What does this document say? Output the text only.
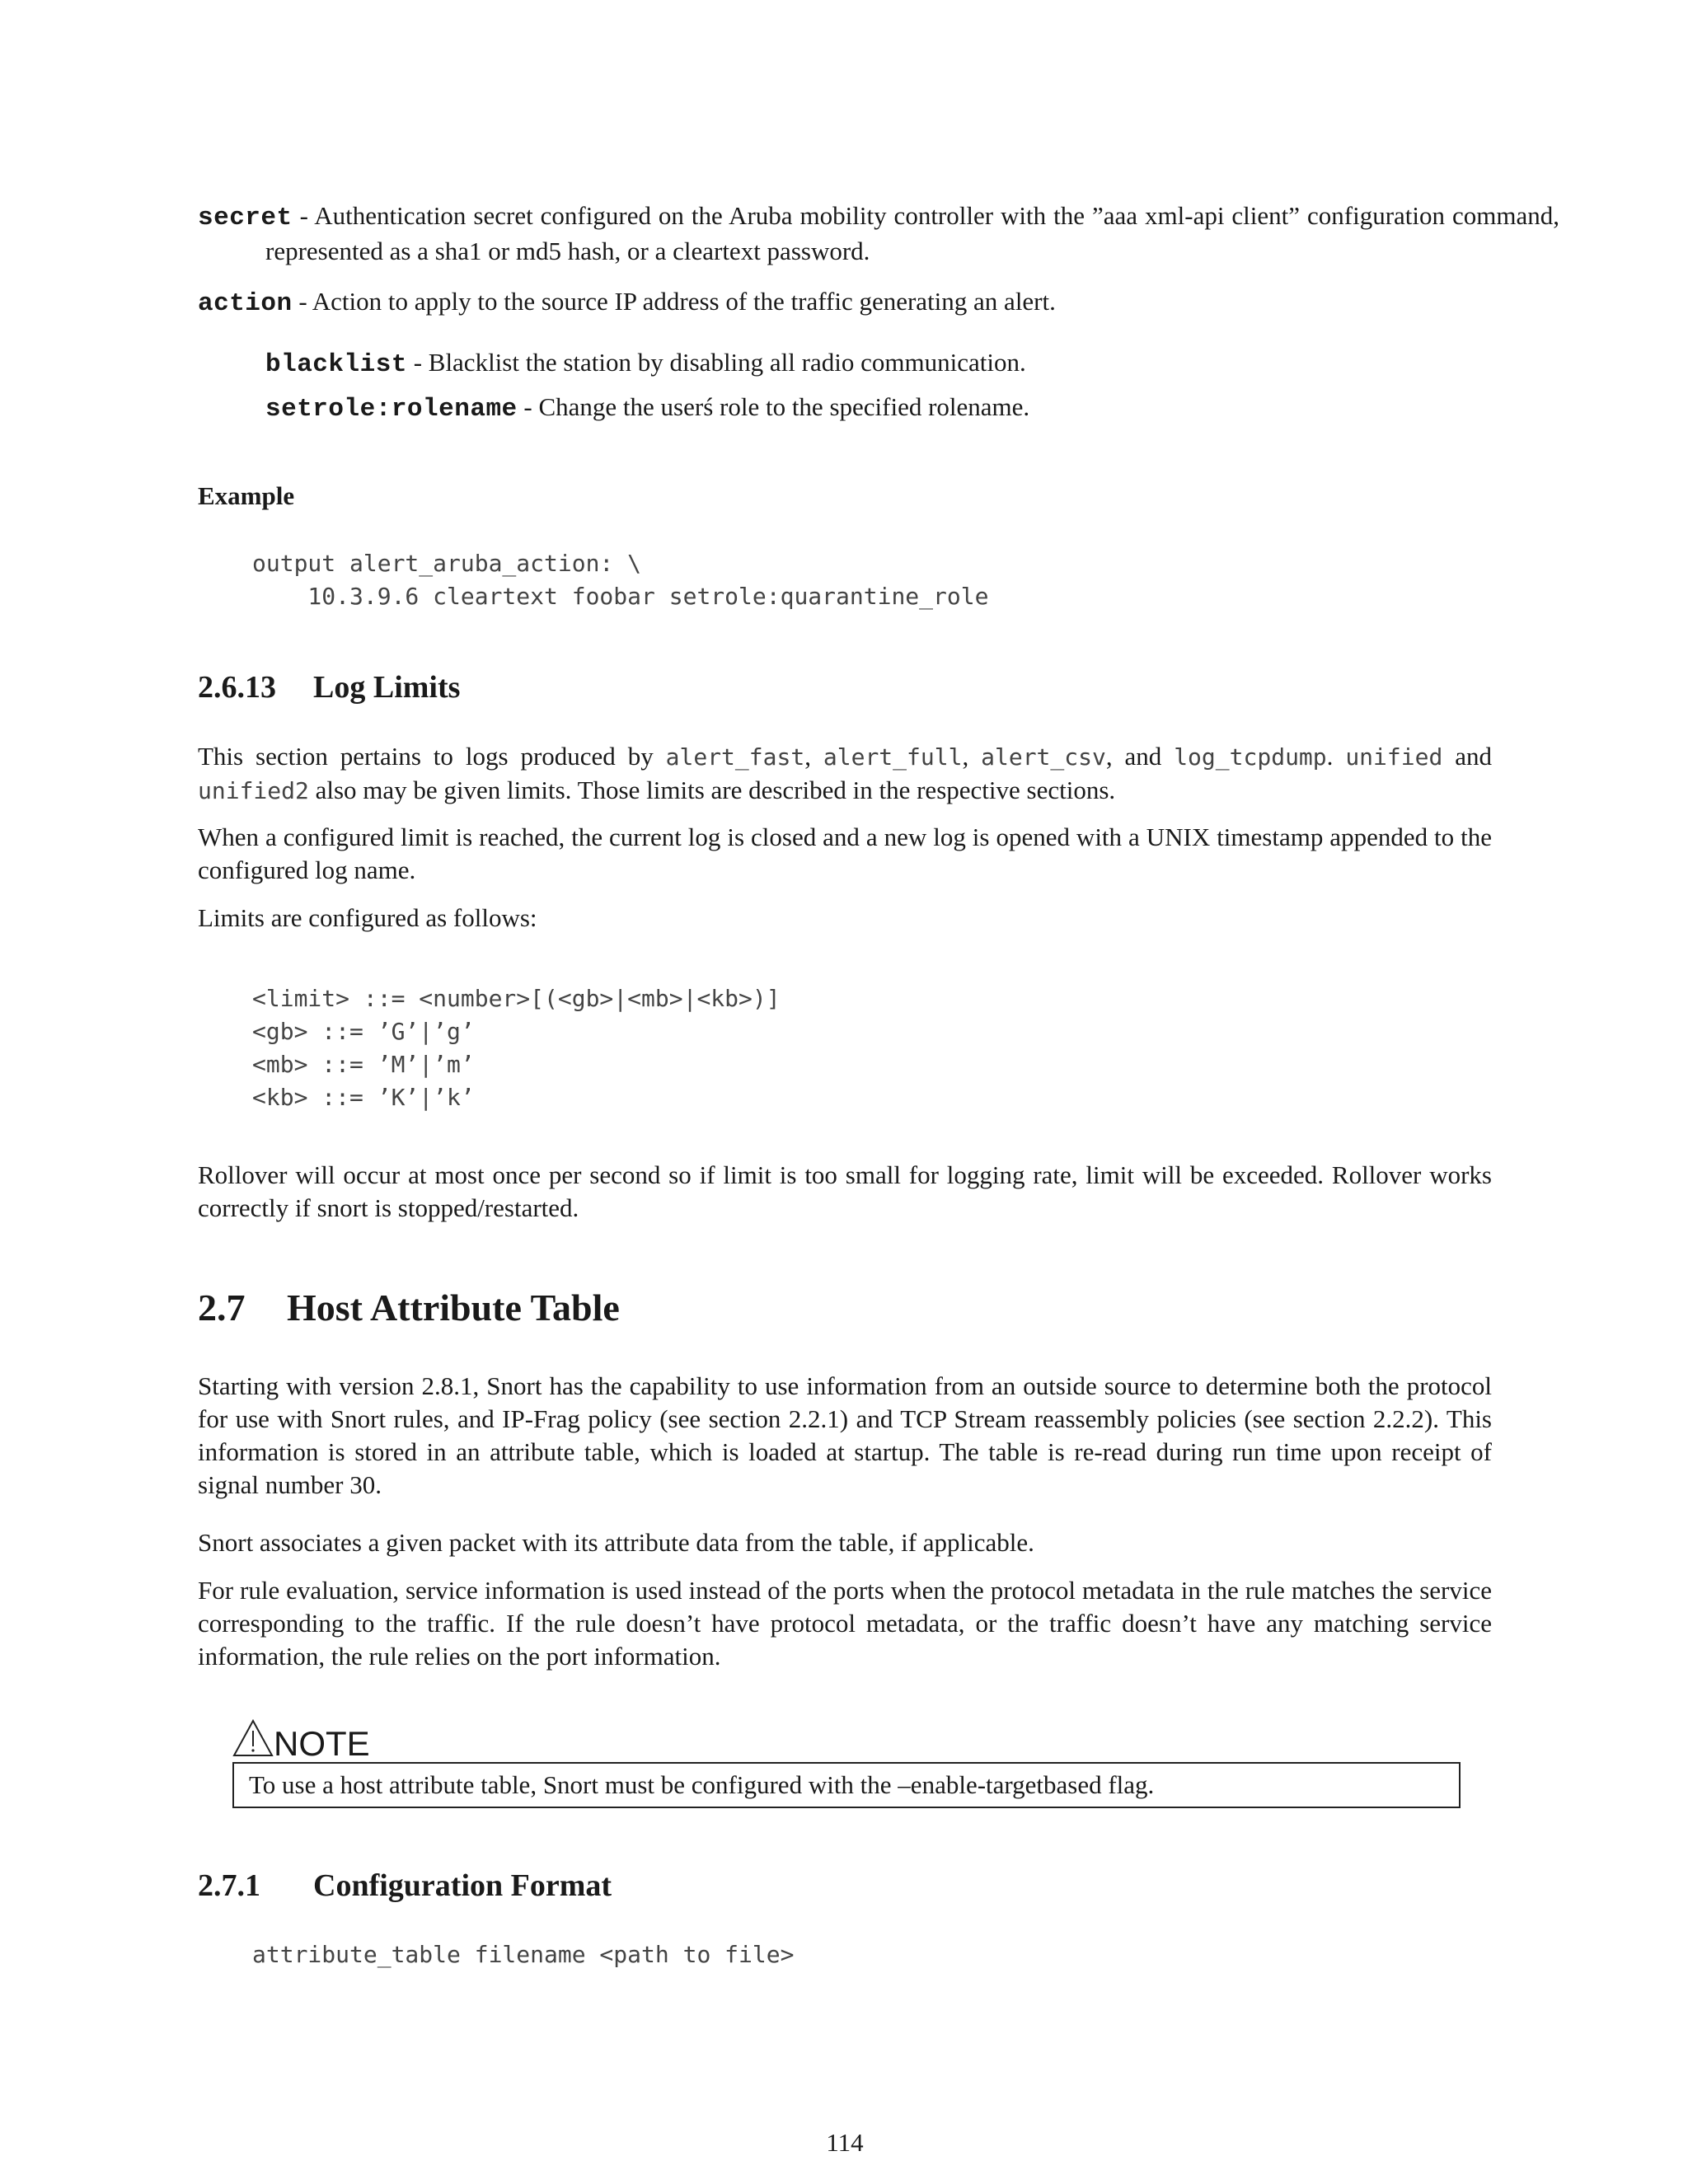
secret - Authentication secret configured on the Aruba mobility controller with the ”aaa xml-api client” configuration command, represented as a sha1 or md5 hash, or a cleartext password.

action - Action to apply to the source IP address of the traffic generating an alert.

blacklist - Blacklist the station by disabling all radio communication.

setrole:rolename - Change the userś role to the specified rolename.

Example

output alert_aruba_action: \
10.3.9.6 cleartext foobar setrole:quarantine_role
2.6.13 Log Limits

This section pertains to logs produced by alert_fast, alert_full, alert_csv, and log_tcpdump. unified and unified2 also may be given limits. Those limits are described in the respective sections.

When a configured limit is reached, the current log is closed and a new log is opened with a UNIX timestamp appended to the configured log name.

Limits are configured as follows:

<limit> ::= <number>[(<gb>|<mb>|<kb>)]
<gb> ::= ’G’|’g’
<mb> ::= ’M’|’m’
<kb> ::= ’K’|’k’

Rollover will occur at most once per second so if limit is too small for logging rate, limit will be exceeded. Rollover works correctly if snort is stopped/restarted.

2.7 Host Attribute Table

Starting with version 2.8.1, Snort has the capability to use information from an outside source to determine both the protocol for use with Snort rules, and IP-Frag policy (see section 2.2.1) and TCP Stream reassembly policies (see section 2.2.2). This information is stored in an attribute table, which is loaded at startup. The table is re-read during run time upon receipt of signal number 30.

Snort associates a given packet with its attribute data from the table, if applicable.

For rule evaluation, service information is used instead of the ports when the protocol metadata in the rule matches the service corresponding to the traffic. If the rule doesn’t have protocol metadata, or the traffic doesn’t have any matching service information, the rule relies on the port information.

NOTE
To use a host attribute table, Snort must be configured with the –enable-targetbased flag.
2.7.1 Configuration Format
attribute_table filename <path to file>
114
